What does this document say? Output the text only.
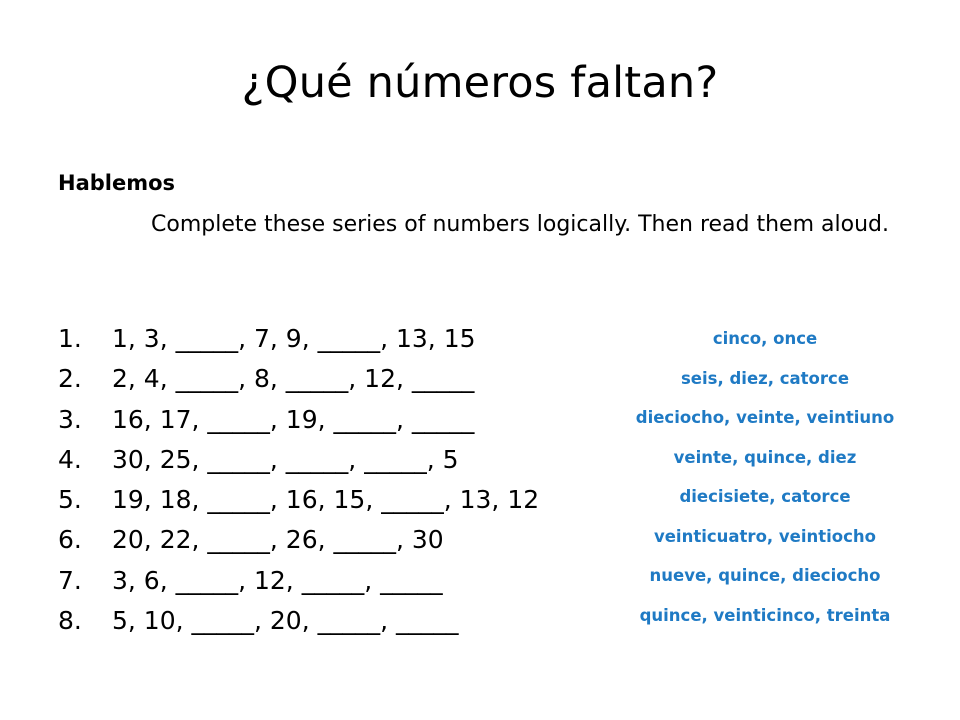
¿Qué números faltan?
Hablemos
Complete these series of numbers logically. Then read them aloud.
1. 1, 3, _____, 7, 9, _____, 13, 15
2. 2, 4, _____, 8, _____, 12, _____
3. 16, 17, _____, 19, _____, _____
4. 30, 25, _____, _____, _____, 5
5. 19, 18, _____, 16, 15, _____, 13, 12
6. 20, 22, _____, 26, _____, 30
7. 3, 6, _____, 12, _____, _____
8. 5, 10, _____, 20, _____, _____
cinco, once
seis, diez, catorce
dieciocho, veinte, veintiuno
veinte, quince, diez
diecisiete, catorce
veinticuatro, veintiocho
nueve, quince, dieciocho
quince, veinticinco, treinta
